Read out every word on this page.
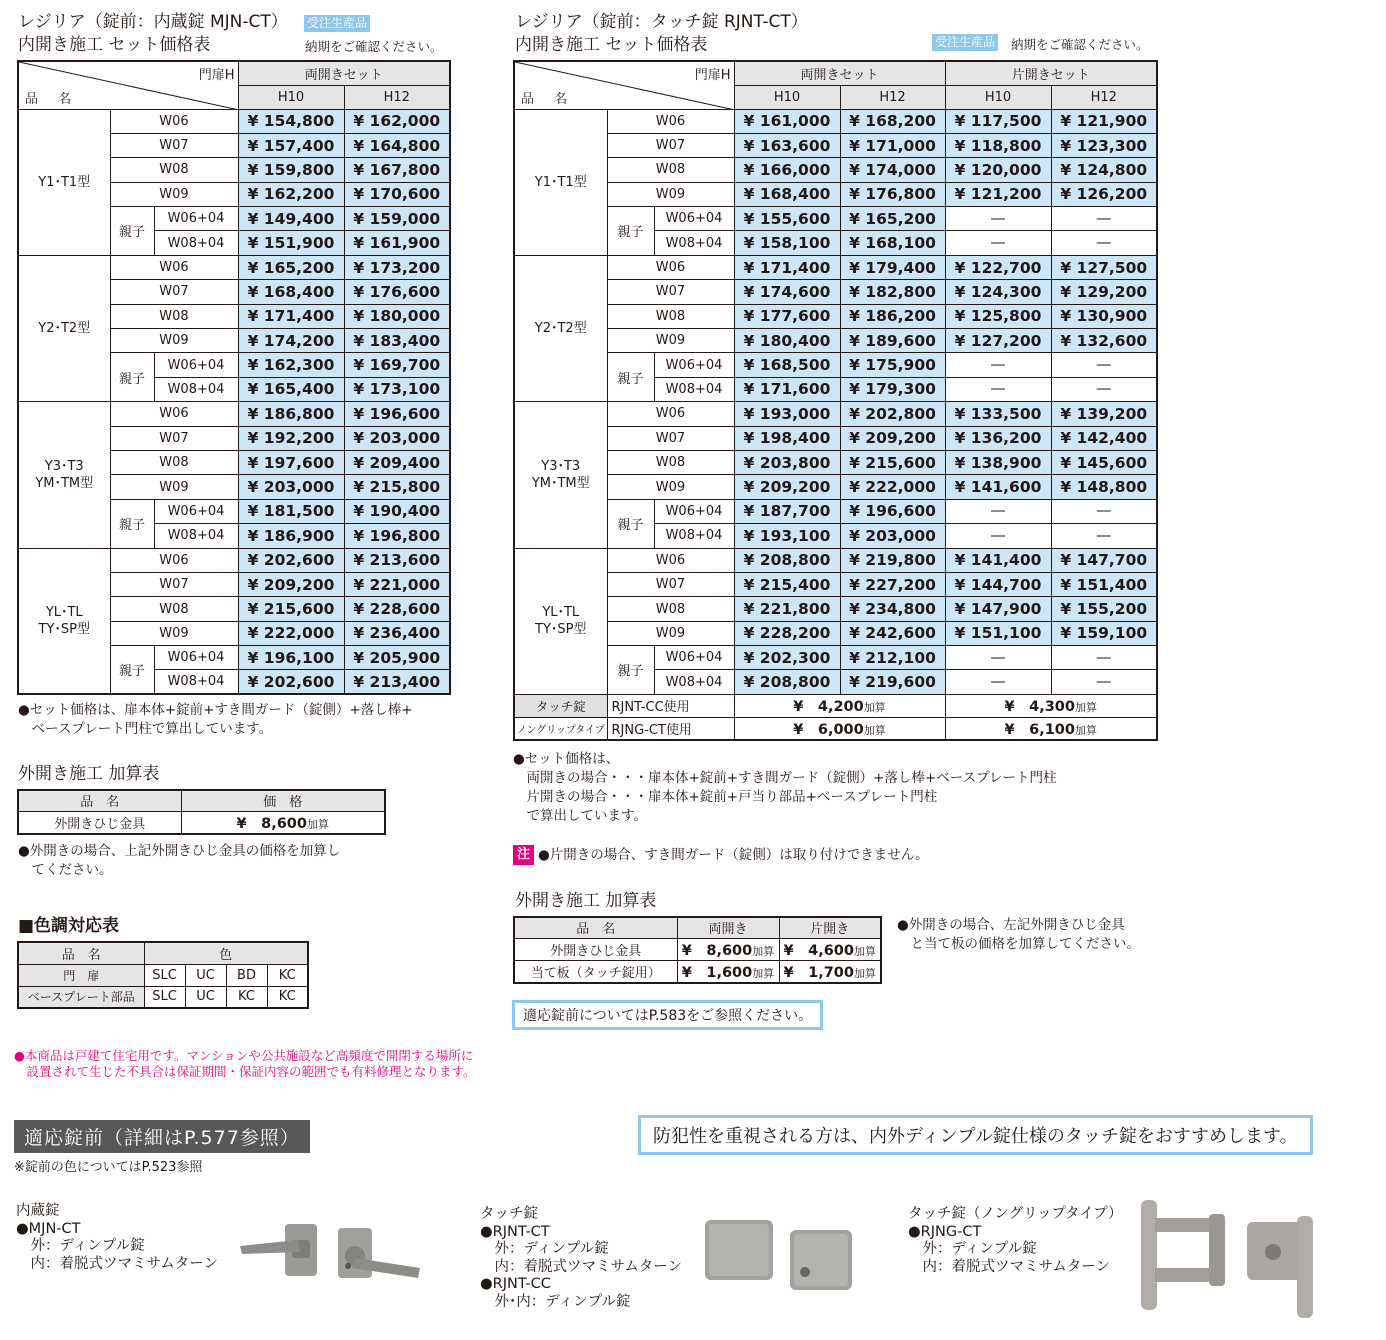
レジリア（錠前：内蔵錠 MJN-CT） 受注生産品
内開き施工 セット価格表	納期をご確認ください。
門扉H
品 名			両開きセット	
			H10	H12
Y1･T1型	W06		¥ 154,800	¥ 162,000
	W07		¥ 157,400	¥ 164,800
	W08		¥ 159,800	¥ 167,800
	W09		¥ 162,200	¥ 170,600
	親子	W06+04	¥ 149,400	¥ 159,000
		W08+04	¥ 151,900	¥ 161,900
Y2･T2型	W06		¥ 165,200	¥ 173,200
	W07		¥ 168,400	¥ 176,600
	W08		¥ 171,400	¥ 180,000
	W09		¥ 174,200	¥ 183,400
	親子	W06+04	¥ 162,300	¥ 169,700
		W08+04	¥ 165,400	¥ 173,100
Y3･T3
YM･TM型	W06		¥ 186,800	¥ 196,600
	W07		¥ 192,200	¥ 203,000
	W08		¥ 197,600	¥ 209,400
	W09		¥ 203,000	¥ 215,800
	親子	W06+04	¥ 181,500	¥ 190,400
		W08+04	¥ 186,900	¥ 196,800
YL･TL
TY･SP型	W06		¥ 202,600	¥ 213,600
	W07		¥ 209,200	¥ 221,000
	W08		¥ 215,600	¥ 228,600
	W09		¥ 222,000	¥ 236,400
	親子	W06+04	¥ 196,100	¥ 205,900
		W08+04	¥ 202,600	¥ 213,400
●セット価格は、扉本体+錠前+すき間ガード（錠側）+落し棒+
　ベースプレート門柱で算出しています。
外開き施工 加算表
品　名	価　格
外開きひじ金具	¥　8,600加算
●外開きの場合、上記外開きひじ金具の価格を加算し
　てください。
■色調対応表
品　名	色			
門　扉	SLC	UC	BD	KC
ベースプレート部品	SLC	UC	KC	KC
●本商品は戸建て住宅用です。マンションや公共施設など高頻度で開閉する場所に
　設置されて生じた不具合は保証期間・保証内容の範囲でも有料修理となります。
レジリア（錠前：タッチ錠 RJNT-CT）
内開き施工 セット価格表	受注生産品 納期をご確認ください。
門扉H
品 名			両開きセット		片開きセット	
			H10	H12	H10	H12
Y1･T1型	W06		¥ 161,000	¥ 168,200	¥ 117,500	¥ 121,900
	W07		¥ 163,600	¥ 171,000	¥ 118,800	¥ 123,300
	W08		¥ 166,000	¥ 174,000	¥ 120,000	¥ 124,800
	W09		¥ 168,400	¥ 176,800	¥ 121,200	¥ 126,200
	親子	W06+04	¥ 155,600	¥ 165,200	―	―
		W08+04	¥ 158,100	¥ 168,100	―	―
Y2･T2型	W06		¥ 171,400	¥ 179,400	¥ 122,700	¥ 127,500
	W07		¥ 174,600	¥ 182,800	¥ 124,300	¥ 129,200
	W08		¥ 177,600	¥ 186,200	¥ 125,800	¥ 130,900
	W09		¥ 180,400	¥ 189,600	¥ 127,200	¥ 132,600
	親子	W06+04	¥ 168,500	¥ 175,900	―	―
		W08+04	¥ 171,600	¥ 179,300	―	―
Y3･T3
YM･TM型	W06		¥ 193,000	¥ 202,800	¥ 133,500	¥ 139,200
	W07		¥ 198,400	¥ 209,200	¥ 136,200	¥ 142,400
	W08		¥ 203,800	¥ 215,600	¥ 138,900	¥ 145,600
	W09		¥ 209,200	¥ 222,000	¥ 141,600	¥ 148,800
	親子	W06+04	¥ 187,700	¥ 196,600	―	―
		W08+04	¥ 193,100	¥ 203,000	―	―
YL･TL
TY･SP型	W06		¥ 208,800	¥ 219,800	¥ 141,400	¥ 147,700
	W07		¥ 215,400	¥ 227,200	¥ 144,700	¥ 151,400
	W08		¥ 221,800	¥ 234,800	¥ 147,900	¥ 155,200
	W09		¥ 228,200	¥ 242,600	¥ 151,100	¥ 159,100
	親子	W06+04	¥ 202,300	¥ 212,100	―	―
		W08+04	¥ 208,800	¥ 219,600	―	―
タッチ錠	RJNT-CC使用		¥　4,200加算		¥　4,300加算	
ノングリップタイプ	RJNG-CT使用		¥　6,000加算		¥　6,100加算	
●セット価格は、
　両開きの場合・・・扉本体+錠前+すき間ガード（錠側）+落し棒+ベースプレート門柱
　片開きの場合・・・扉本体+錠前+戸当り部品+ベースプレート門柱
　で算出しています。
注 ●片開きの場合、すき間ガード（錠側）は取り付けできません。
外開き施工 加算表
品　名	両開き	片開き
外開きひじ金具	¥　8,600加算	¥　4,600加算
当て板（タッチ錠用）	¥　1,600加算	¥　1,700加算
●外開きの場合、左記外開きひじ金具
　と当て板の価格を加算してください。
適応錠前についてはP.583をご参照ください。
適応錠前（詳細はP.577参照）
※錠前の色についてはP.523参照
防犯性を重視される方は、内外ディンプル錠仕様のタッチ錠をおすすめします。
内蔵錠
●MJN-CT
　外：ディンプル錠
　内：着脱式ツマミサムターン
タッチ錠
●RJNT-CT
　外：ディンプル錠
　内：着脱式ツマミサムターン
●RJNT-CC
　外･内：ディンプル錠
タッチ錠（ノングリップタイプ）
●RJNG-CT
　外：ディンプル錠
　内：着脱式ツマミサムターン
